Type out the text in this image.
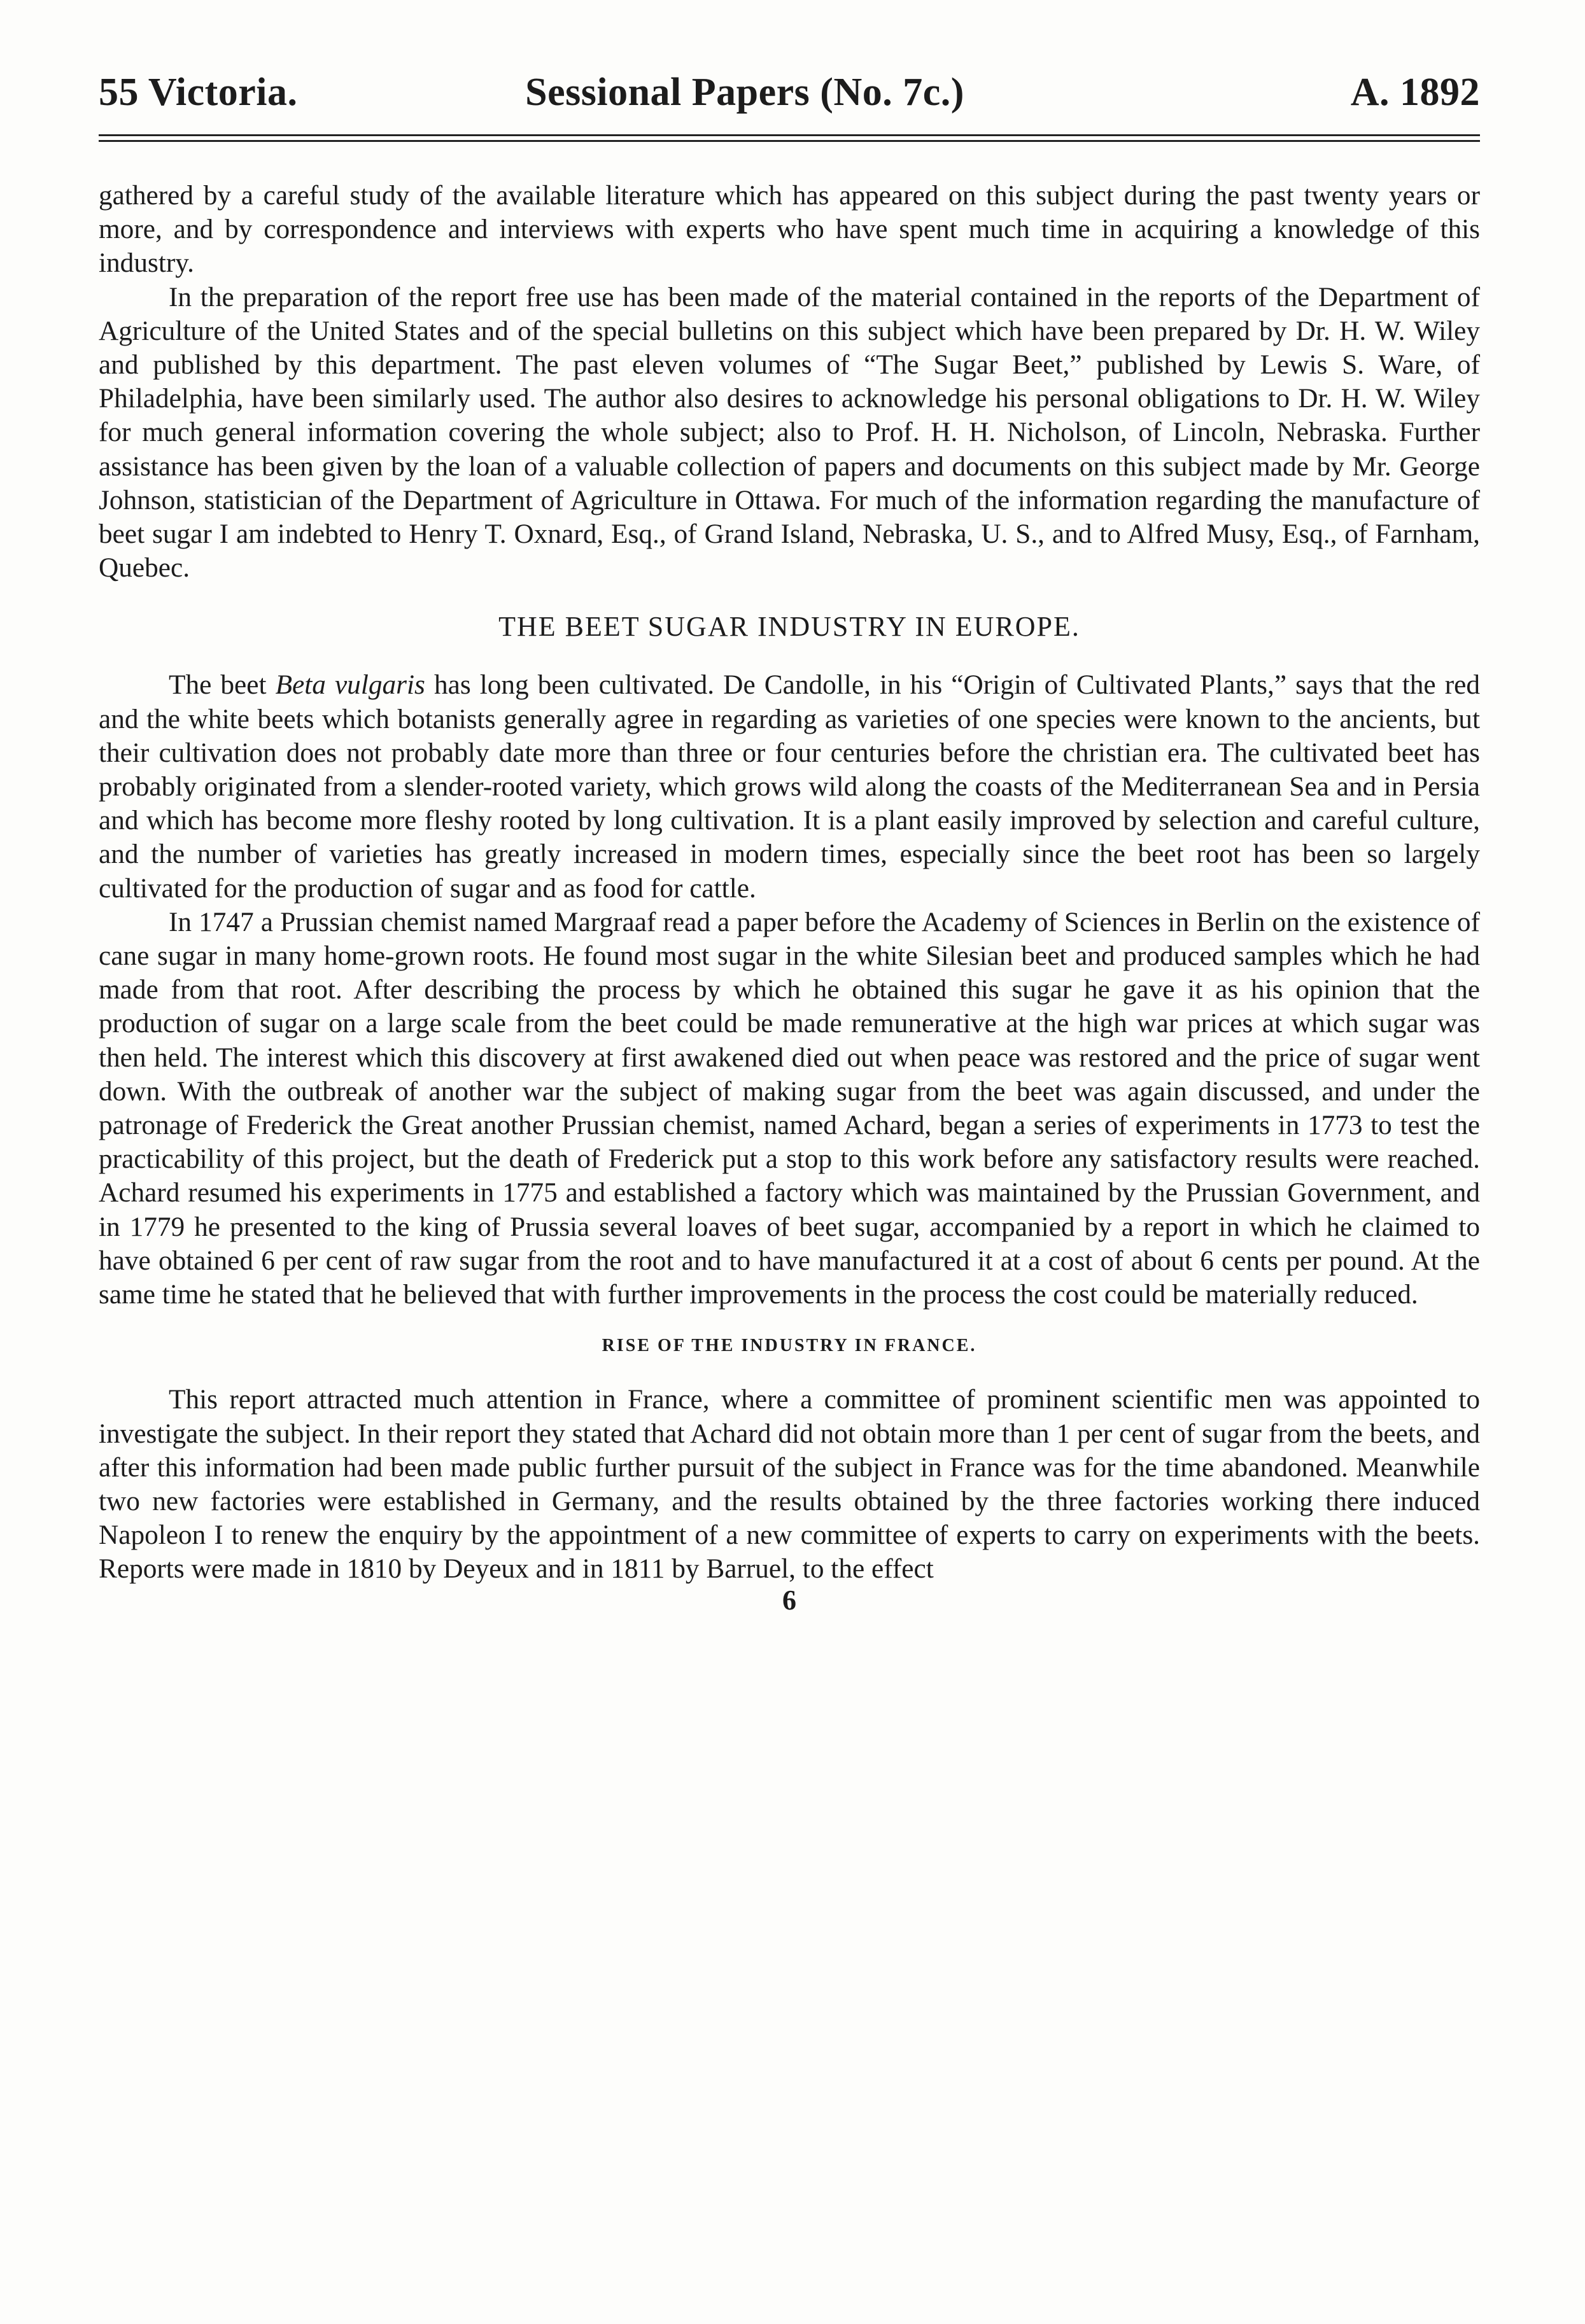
55 Victoria.	Sessional Papers (No. 7c.)	A. 1892

gathered by a careful study of the available literature which has appeared on this subject during the past twenty years or more, and by correspondence and interviews with experts who have spent much time in acquiring a knowledge of this industry.

In the preparation of the report free use has been made of the material contained in the reports of the Department of Agriculture of the United States and of the special bulletins on this subject which have been prepared by Dr. H. W. Wiley and published by this department. The past eleven volumes of “The Sugar Beet,” published by Lewis S. Ware, of Philadelphia, have been similarly used. The author also desires to acknowledge his personal obligations to Dr. H. W. Wiley for much general information covering the whole subject; also to Prof. H. H. Nicholson, of Lincoln, Nebraska. Further assistance has been given by the loan of a valuable collection of papers and documents on this subject made by Mr. George Johnson, statistician of the Department of Agriculture in Ottawa. For much of the information regarding the manufacture of beet sugar I am indebted to Henry T. Oxnard, Esq., of Grand Island, Nebraska, U. S., and to Alfred Musy, Esq., of Farnham, Quebec.

THE BEET SUGAR INDUSTRY IN EUROPE.

The beet Beta vulgaris has long been cultivated. De Candolle, in his “Origin of Cultivated Plants,” says that the red and the white beets which botanists generally agree in regarding as varieties of one species were known to the ancients, but their cultivation does not probably date more than three or four centuries before the christian era. The cultivated beet has probably originated from a slender-rooted variety, which grows wild along the coasts of the Mediterranean Sea and in Persia and which has become more fleshy rooted by long cultivation. It is a plant easily improved by selection and careful culture, and the number of varieties has greatly increased in modern times, especially since the beet root has been so largely cultivated for the production of sugar and as food for cattle.

In 1747 a Prussian chemist named Margraaf read a paper before the Academy of Sciences in Berlin on the existence of cane sugar in many home-grown roots. He found most sugar in the white Silesian beet and produced samples which he had made from that root. After describing the process by which he obtained this sugar he gave it as his opinion that the production of sugar on a large scale from the beet could be made remunerative at the high war prices at which sugar was then held. The interest which this discovery at first awakened died out when peace was restored and the price of sugar went down. With the outbreak of another war the subject of making sugar from the beet was again discussed, and under the patronage of Frederick the Great another Prussian chemist, named Achard, began a series of experiments in 1773 to test the practicability of this project, but the death of Frederick put a stop to this work before any satisfactory results were reached. Achard resumed his experiments in 1775 and established a factory which was maintained by the Prussian Government, and in 1779 he presented to the king of Prussia several loaves of beet sugar, accompanied by a report in which he claimed to have obtained 6 per cent of raw sugar from the root and to have manufactured it at a cost of about 6 cents per pound. At the same time he stated that he believed that with further improvements in the process the cost could be materially reduced.

RISE OF THE INDUSTRY IN FRANCE.

This report attracted much attention in France, where a committee of prominent scientific men was appointed to investigate the subject. In their report they stated that Achard did not obtain more than 1 per cent of sugar from the beets, and after this information had been made public further pursuit of the subject in France was for the time abandoned. Meanwhile two new factories were established in Germany, and the results obtained by the three factories working there induced Napoleon I to renew the enquiry by the appointment of a new committee of experts to carry on experiments with the beets. Reports were made in 1810 by Deyeux and in 1811 by Barruel, to the effect

6
